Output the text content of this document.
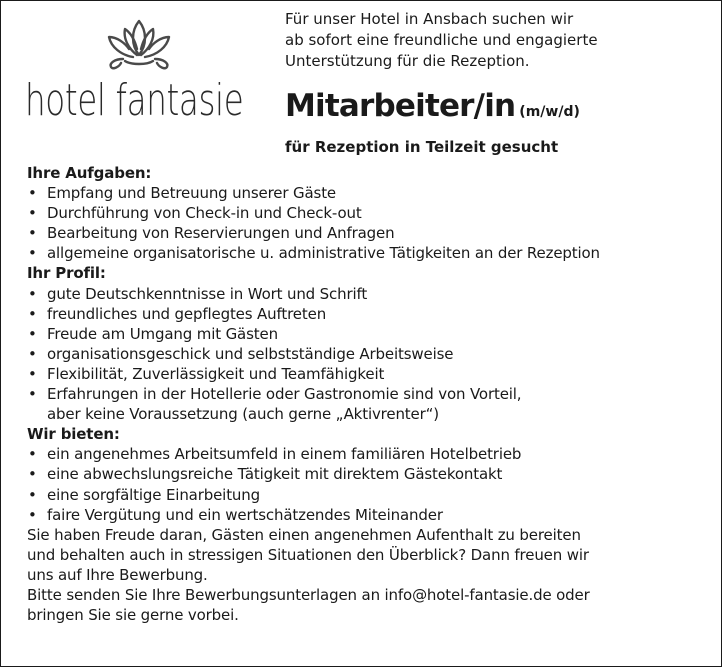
hotel fantasie
Für unser Hotel in Ansbach suchen wir
ab sofort eine freundliche und engagierte
Unterstützung für die Rezeption.
Mitarbeiter/in (m/w/d)
für Rezeption in Teilzeit gesucht
Ihre Aufgaben:
• Empfang und Betreuung unserer Gäste
• Durchführung von Check-in und Check-out
• Bearbeitung von Reservierungen und Anfragen
• allgemeine organisatorische u. administrative Tätigkeiten an der Rezeption
Ihr Profil:
• gute Deutschkenntnisse in Wort und Schrift
• freundliches und gepflegtes Auftreten
• Freude am Umgang mit Gästen
• organisationsgeschick und selbstständige Arbeitsweise
• Flexibilität, Zuverlässigkeit und Teamfähigkeit
• Erfahrungen in der Hotellerie oder Gastronomie sind von Vorteil,
aber keine Voraussetzung (auch gerne „Aktivrenter“)
Wir bieten:
• ein angenehmes Arbeitsumfeld in einem familiären Hotelbetrieb
• eine abwechslungsreiche Tätigkeit mit direktem Gästekontakt
• eine sorgfältige Einarbeitung
• faire Vergütung und ein wertschätzendes Miteinander
Sie haben Freude daran, Gästen einen angenehmen Aufenthalt zu bereiten
und behalten auch in stressigen Situationen den Überblick? Dann freuen wir
uns auf Ihre Bewerbung.
Bitte senden Sie Ihre Bewerbungsunterlagen an info@hotel-fantasie.de oder
bringen Sie sie gerne vorbei.
